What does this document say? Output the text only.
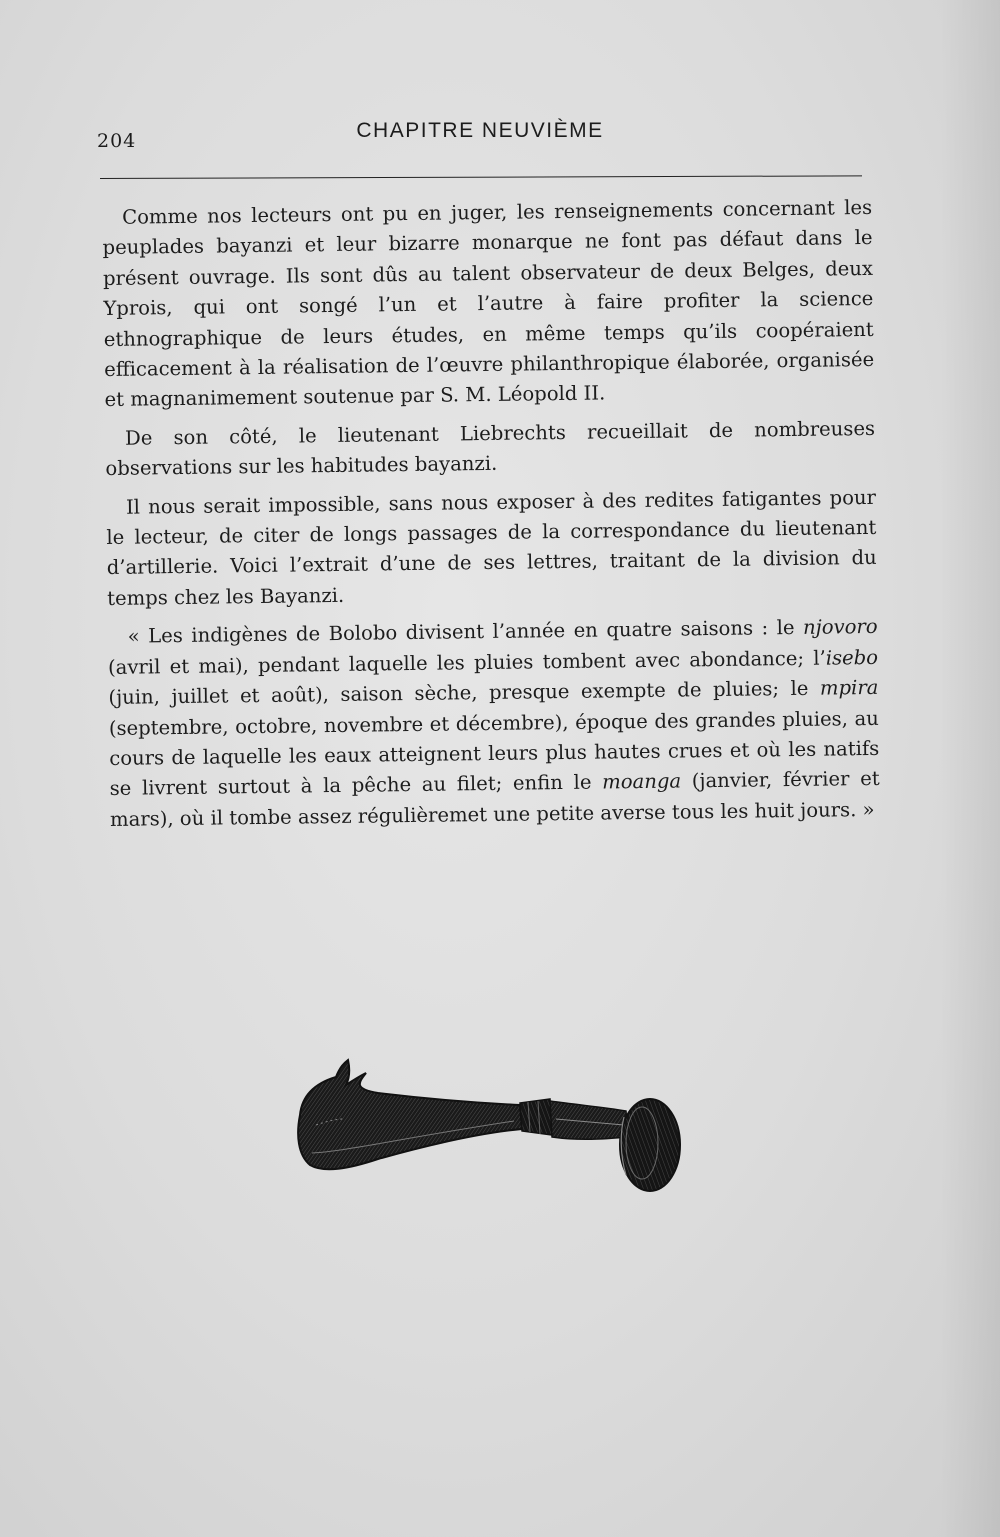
204	CHAPITRE NEUVIÈME

Comme nos lecteurs ont pu en juger, les renseignements concernant les peuplades bayanzi et leur bizarre monarque ne font pas défaut dans le présent ouvrage. Ils sont dûs au talent observateur de deux Belges, deux Yprois, qui ont songé l’un et l’autre à faire profiter la science ethnographique de leurs études, en même temps qu’ils coopéraient efficacement à la réalisation de l’œuvre philanthropique élaborée, organisée et magnanimement soutenue par S. M. Léopold II.

De son côté, le lieutenant Liebrechts recueillait de nombreuses observations sur les habitudes bayanzi.

Il nous serait impossible, sans nous exposer à des redites fatigantes pour le lecteur, de citer de longs passages de la correspondance du lieutenant d’artillerie. Voici l’extrait d’une de ses lettres, traitant de la division du temps chez les Bayanzi.

« Les indigènes de Bolobo divisent l’année en quatre saisons : le njovoro (avril et mai), pendant laquelle les pluies tombent avec abondance; l’isebo (juin, juillet et août), saison sèche, presque exempte de pluies; le mpira (septembre, octobre, novembre et décembre), époque des grandes pluies, au cours de laquelle les eaux atteignent leurs plus hautes crues et où les natifs se livrent surtout à la pêche au filet; enfin le moanga (janvier, février et mars), où il tombe assez régulièremet une petite averse tous les huit jours. »
